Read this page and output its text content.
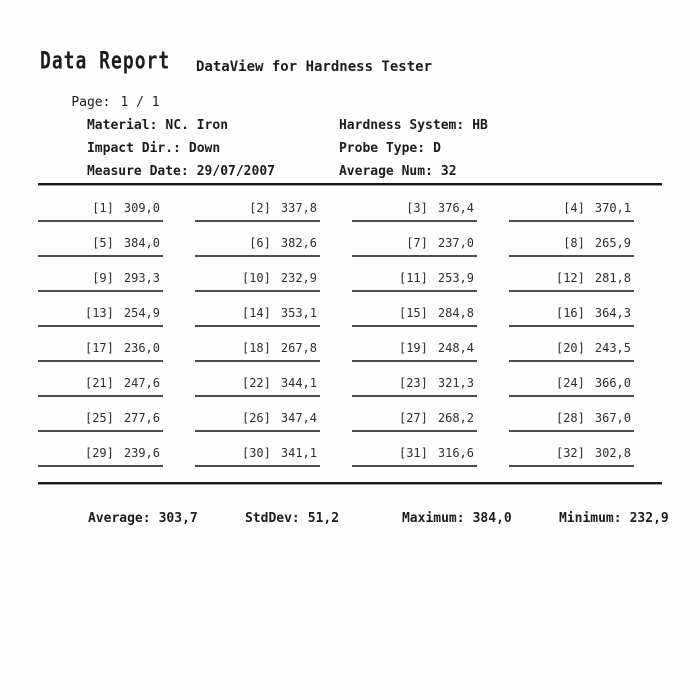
Data Report DataView for Hardness Tester

Page: 1 / 1

Material: NC. Iron
	Hardness System: HB

Impact Dir.: Down
	Probe Type: D

Measure Date: 29/07/2007
	Average Num: 32

[1] 309,0	[2] 337,8	[3] 376,4	[4] 370,1
[5] 384,0	[6] 382,6	[7] 237,0	[8] 265,9
[9] 293,3	[10] 232,9	[11] 253,9	[12] 281,8
[13] 254,9	[14] 353,1	[15] 284,8	[16] 364,3
[17] 236,0	[18] 267,8	[19] 248,4	[20] 243,5
[21] 247,6	[22] 344,1	[23] 321,3	[24] 366,0
[25] 277,6	[26] 347,4	[27] 268,2	[28] 367,0
[29] 239,6	[30] 341,1	[31] 316,6	[32] 302,8

Average: 303,7
	StdDev: 51,2
	Maximum: 384,0
	Minimum: 232,9
